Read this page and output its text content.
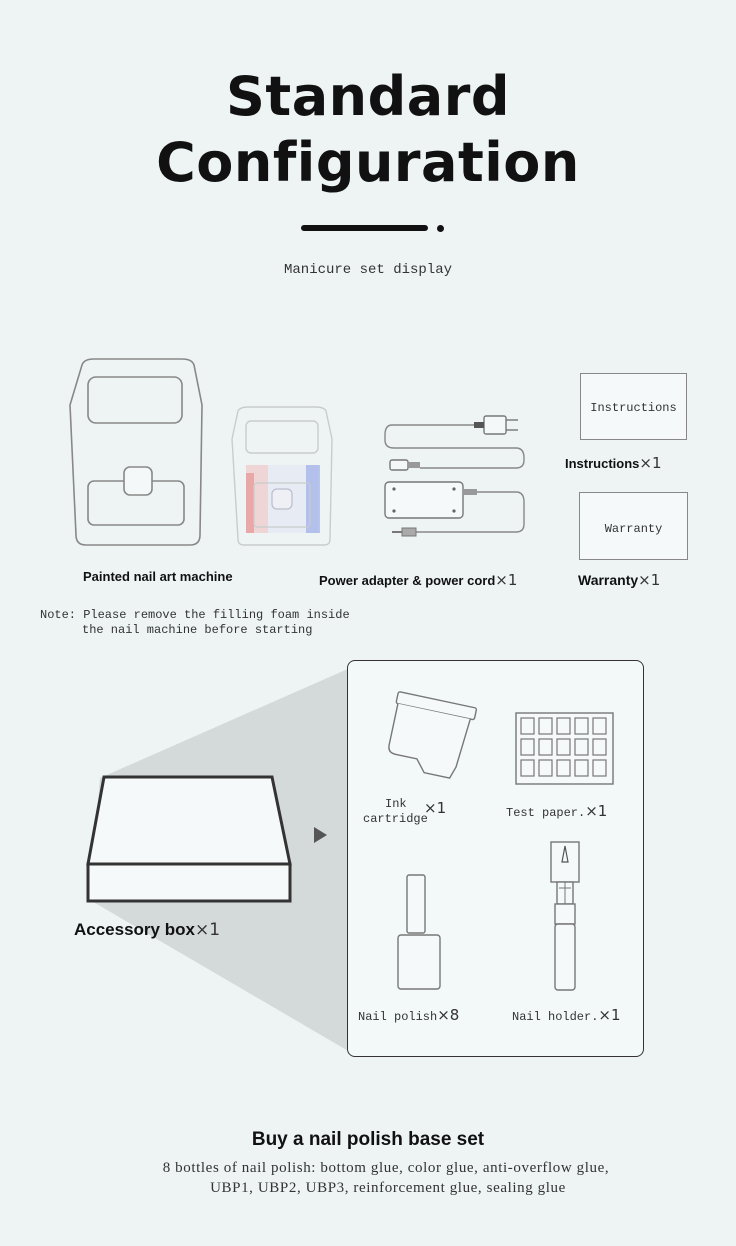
Standard
Configuration
Manicure set display
Painted nail art machine
Note: Please remove the filling foam inside
the nail machine before starting
Power adapter & power cord×1
Instructions
Instructions×1
Warranty
Warranty×1
Accessory box×1
Ink
cartridge
×1	Test paper.×1
Nail polish×8	Nail holder.×1
Buy a nail polish base set
8 bottles of nail polish: bottom glue, color glue, anti-overflow glue,
UBP1, UBP2, UBP3, reinforcement glue, sealing glue
